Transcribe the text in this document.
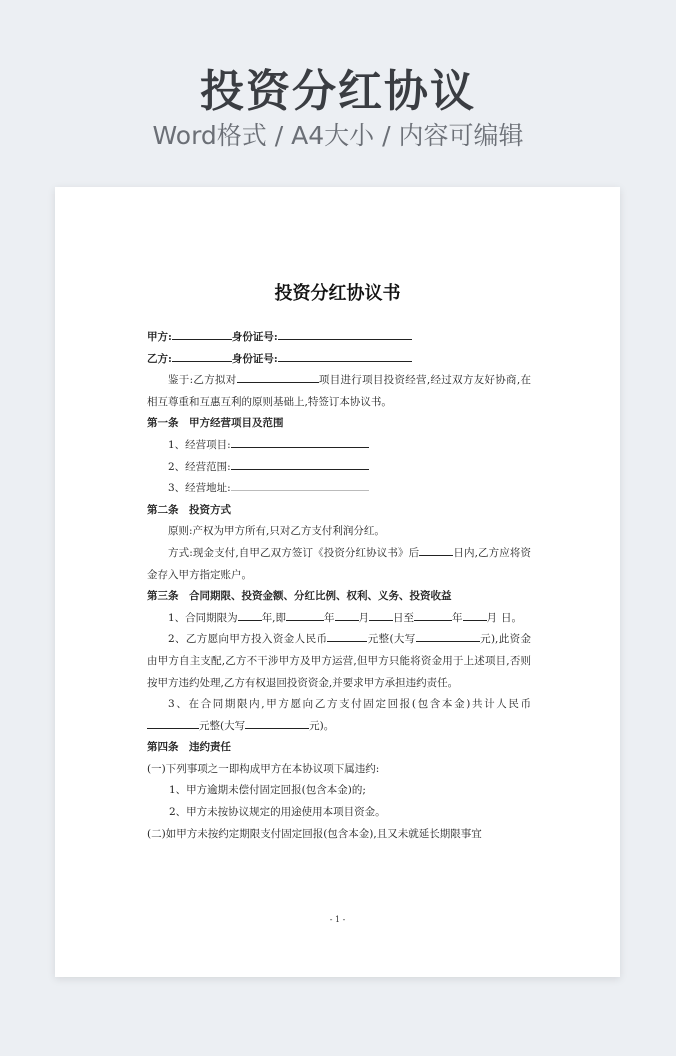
投资分红协议
Word格式 / A4大小 / 内容可编辑
投资分红协议书
甲方:	身份证号:
乙方:	身份证号:
鉴于:乙方拟对	项目进行项目投资经营,经过双方友好协商,在相互尊重和互惠互利的原则基础上,特签订本协议书。
第一条　甲方经营项目及范围
1、经营项目:
2、经营范围:
3、经营地址:
第二条　投资方式
原则:产权为甲方所有,只对乙方支付利润分红。
方式:现金支付,自甲乙双方签订《投资分红协议书》后	日内,乙方应将资金存入甲方指定账户。
第三条　合同期限、投资金额、分红比例、权利、义务、投资收益
1、合同期限为 年,即	年 月 日至	年 月 日。
2、乙方愿向甲方投入资金人民币	元整(大写	元),此资金由甲方自主支配,乙方不干涉甲方及甲方运营,但甲方只能将资金用于上述项目,否则按甲方违约处理,乙方有权退回投资资金,并要求甲方承担违约责任。
3、在合同期限内,甲方愿向乙方支付固定回报(包含本金)共计人民币元整(大写	元)。
第四条　违约责任
(一)下列事项之一即构成甲方在本协议项下属违约:
1、甲方逾期未偿付固定回报(包含本金)的;
2、甲方未按协议规定的用途使用本项目资金。
(二)如甲方未按约定期限支付固定回报(包含本金),且又未就延长期限事宜
- 1 -
